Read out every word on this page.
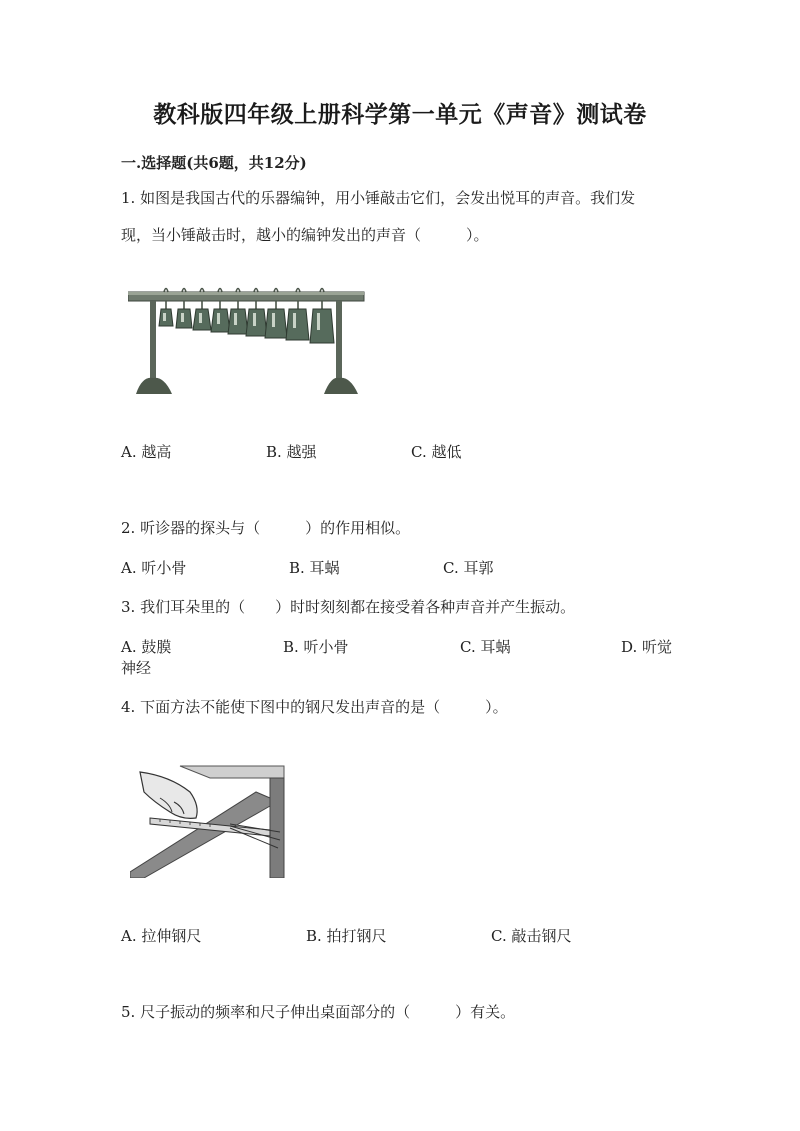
教科版四年级上册科学第一单元《声音》测试卷
一.选择题(共6题，共12分)
1. 如图是我国古代的乐器编钟，用小锤敲击它们，会发出悦耳的声音。我们发
现，当小锤敲击时，越小的编钟发出的声音（　　　）。
A. 越高	B. 越强	C. 越低
2. 听诊器的探头与（　　　）的作用相似。
A. 听小骨	B. 耳蜗	C. 耳郭
3. 我们耳朵里的（　　）时时刻刻都在接受着各种声音并产生振动。
A. 鼓膜	B. 听小骨	C. 耳蜗	D. 听觉
神经
4. 下面方法不能使下图中的钢尺发出声音的是（　　　）。
A. 拉伸钢尺	B. 拍打钢尺	C. 敲击钢尺
5. 尺子振动的频率和尺子伸出桌面部分的（　　　）有关。
